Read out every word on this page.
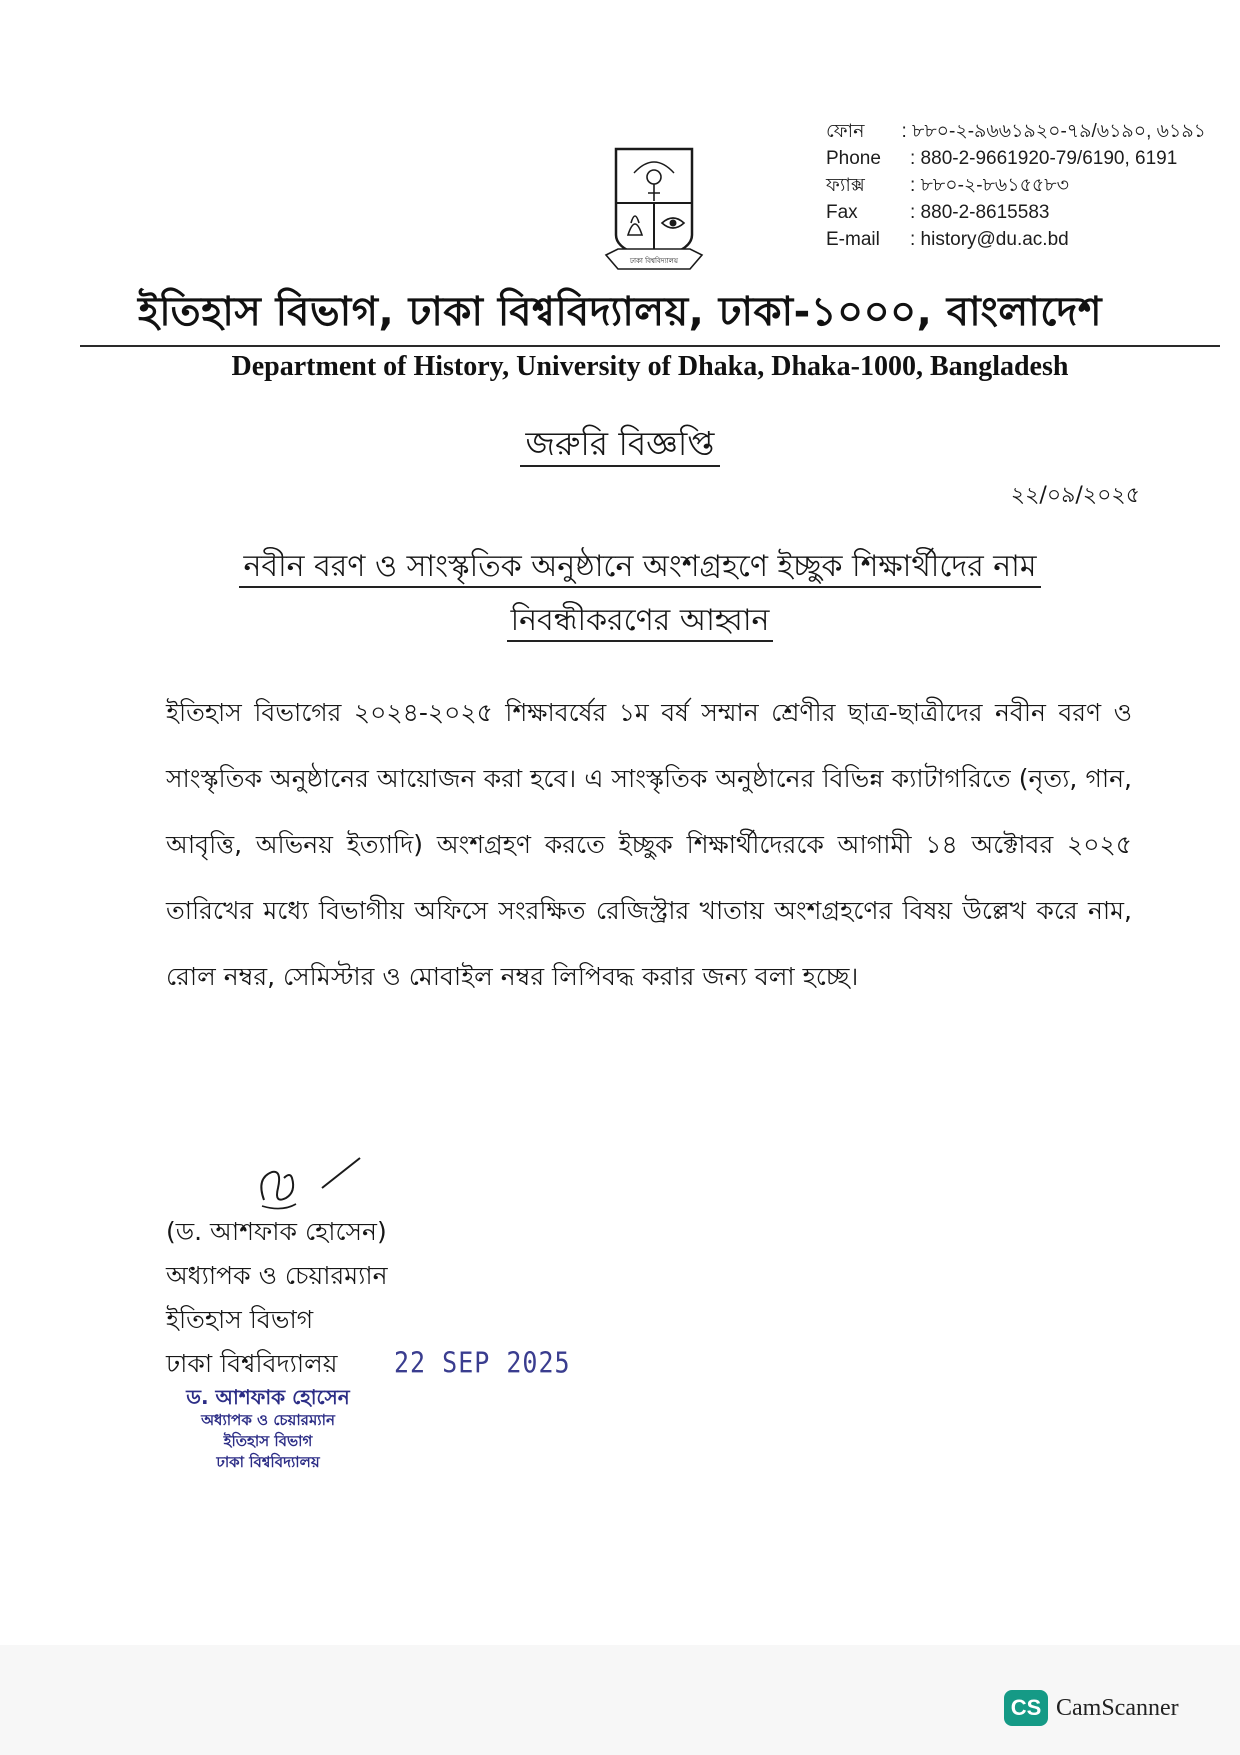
ফোন	: ৮৮০-২-৯৬৬১৯২০-৭৯/৬১৯০, ৬১৯১
Phone	: 880-2-9661920-79/6190, 6191
ফ্যাক্স	: ৮৮০-২-৮৬১৫৫৮৩
Fax	: 880-2-8615583
E-mail	: history@du.ac.bd
ঢাকা বিশ্ববিদ্যালয়
ইতিহাস বিভাগ, ঢাকা বিশ্ববিদ্যালয়, ঢাকা-১০০০, বাংলাদেশ
Department of History, University of Dhaka, Dhaka-1000, Bangladesh
জরুরি বিজ্ঞপ্তি
২২/০৯/২০২৫
নবীন বরণ ও সাংস্কৃতিক অনুষ্ঠানে অংশগ্রহণে ইচ্ছুক শিক্ষার্থীদের নাম
নিবন্ধীকরণের আহ্বান
ইতিহাস বিভাগের ২০২৪-২০২৫ শিক্ষাবর্ষের ১ম বর্ষ সম্মান শ্রেণীর ছাত্র-ছাত্রীদের নবীন বরণ ও সাংস্কৃতিক অনুষ্ঠানের আয়োজন করা হবে। এ সাংস্কৃতিক অনুষ্ঠানের বিভিন্ন ক্যাটাগরিতে (নৃত্য, গান, আবৃত্তি, অভিনয় ইত্যাদি) অংশগ্রহণ করতে ইচ্ছুক শিক্ষার্থীদেরকে আগামী ১৪ অক্টোবর ২০২৫ তারিখের মধ্যে বিভাগীয় অফিসে সংরক্ষিত রেজিস্ট্রার খাতায় অংশগ্রহণের বিষয় উল্লেখ করে নাম, রোল নম্বর, সেমিস্টার ও মোবাইল নম্বর লিপিবদ্ধ করার জন্য বলা হচ্ছে।
(ড. আশফাক হোসেন)
অধ্যাপক ও চেয়ারম্যান
ইতিহাস বিভাগ
ঢাকা বিশ্ববিদ্যালয়	22 SEP 2025
ড. আশফাক হোসেন
অধ্যাপক ও চেয়ারম্যান
ইতিহাস বিভাগ
ঢাকা বিশ্ববিদ্যালয়
CS CamScanner
